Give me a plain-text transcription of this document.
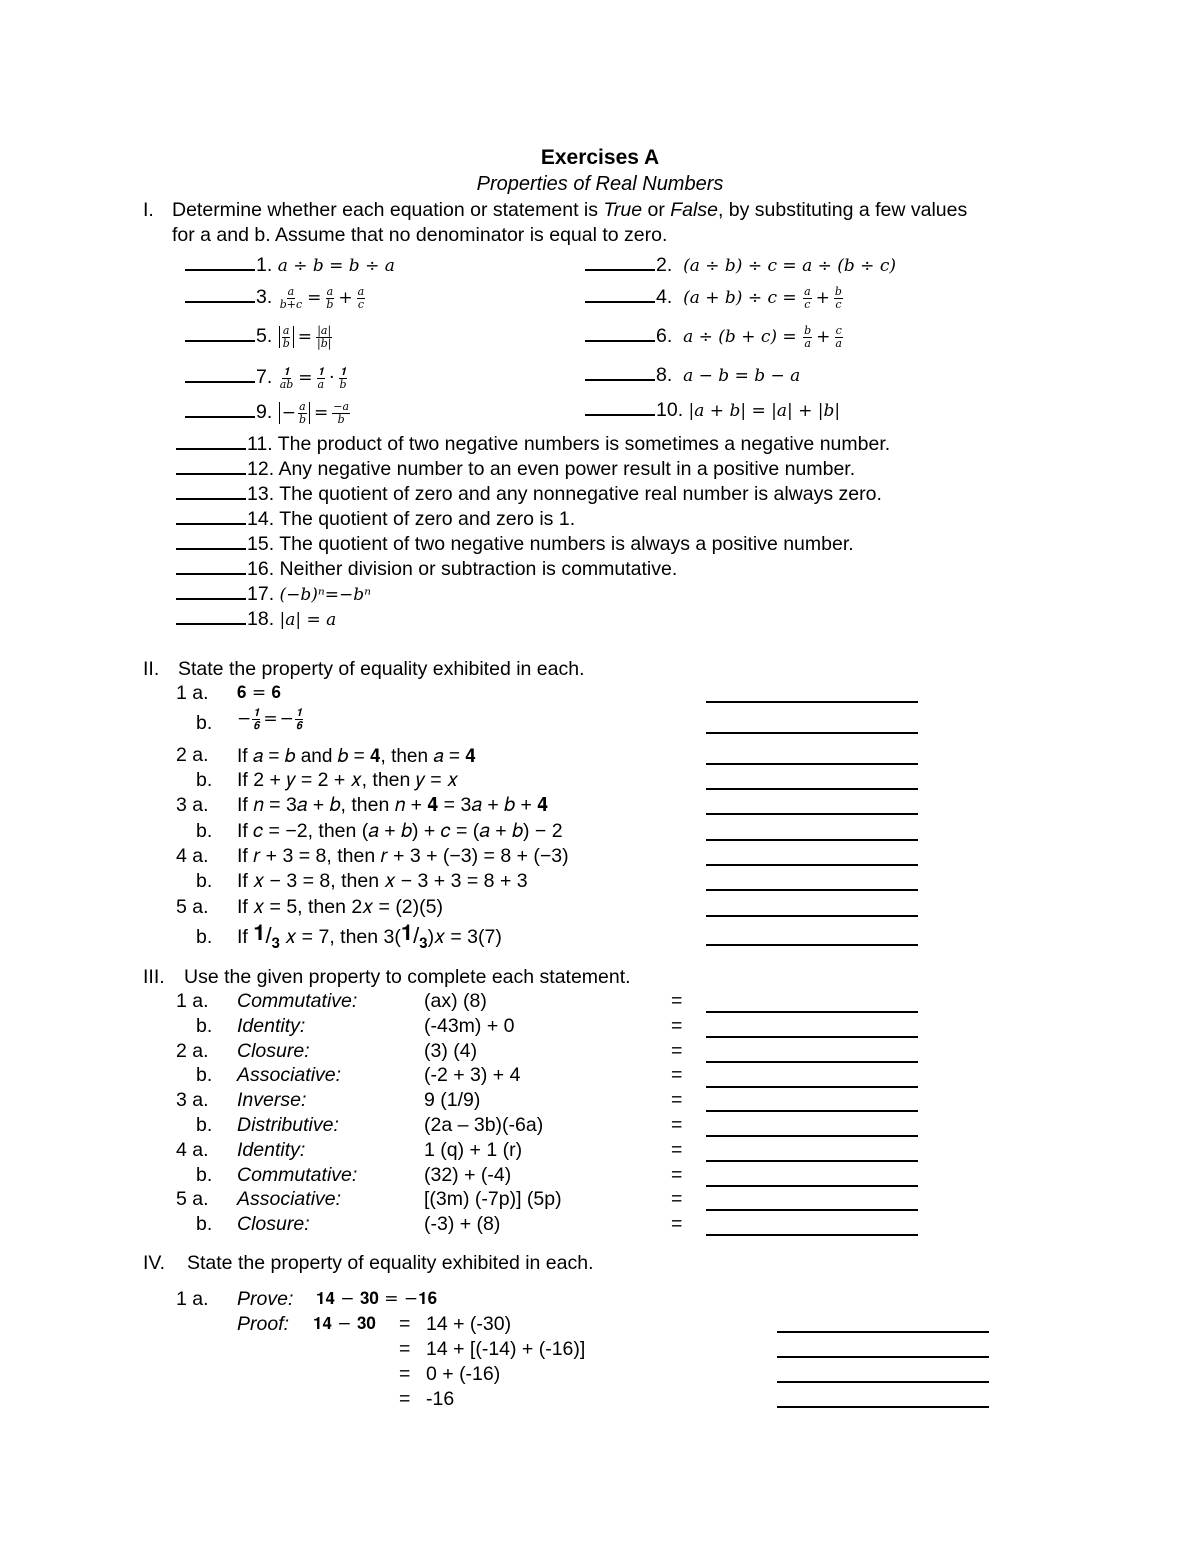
Exercises A
Properties of Real Numbers
I. Determine whether each equation or statement is True or False, by substituting a few values
for a and b. Assume that no denominator is equal to zero.
1. 𝑎 ÷ 𝑏 = 𝑏 ÷ 𝑎	2. (𝑎 ÷ 𝑏) ÷ 𝑐 = 𝑎 ÷ (𝑏 ÷ 𝑐)
3. $\frac{\text{𝑎}}{\text{𝑏+𝑐}} = \frac{\text{𝑎}}{\text{𝑏}} + \frac{\text{𝑎}}{\text{𝑐}}$	4. (𝑎 + 𝑏) ÷ 𝑐 = $\frac{\text{𝑎}}{\text{𝑐}} + \frac{\text{𝑏}}{\text{𝑐}}$
5. $\frac{\text{𝑎}}{\text{𝑏}} = \frac{\text{|𝑎|}}{\text{|𝑏|}}$	6. 𝑎 ÷ (𝑏 + 𝑐) = $\frac{\text{𝑏}}{\text{𝑎}} + \frac{\text{𝑐}}{\text{𝑎}}$
7. $\frac{𝟏}{\text{𝑎𝑏}} = \frac{𝟏}{\text{𝑎}} \cdot \frac{𝟏}{\text{𝑏}}$	8. 𝑎 − 𝑏 = 𝑏 − 𝑎
9. − $\frac{\text{𝑎}}{\text{𝑏}} = \frac{\text{−𝑎}}{\text{𝑏}}$	10. |𝑎 + 𝑏| = |𝑎| + |𝑏|
11. The product of two negative numbers is sometimes a negative number.
12. Any negative number to an even power result in a positive number.
13. The quotient of zero and any nonnegative real number is always zero.
14. The quotient of zero and zero is 1.
15. The quotient of two negative numbers is always a positive number.
16. Neither division or subtraction is commutative.
17. (−𝑏)ⁿ=−𝑏ⁿ
18. |𝑎| = 𝑎
II. State the property of equality exhibited in each.
1 a. 𝟔 = 𝟔
b. − $\frac{𝟏}{𝟔}$ = − $\frac{𝟏}{𝟔}$
2 a. If 𝑎 = 𝑏 and 𝑏 = 𝟒, then 𝑎 = 𝟒
b. If 2 + 𝑦 = 2 + 𝑥, then 𝑦 = 𝑥
3 a. If 𝑛 = 3𝑎 + 𝑏, then 𝑛 + 𝟒 = 3𝑎 + 𝑏 + 𝟒
b. If 𝑐 = −2, then (𝑎 + 𝑏) + 𝑐 = (𝑎 + 𝑏) − 2
4 a. If 𝑟 + 3 = 8, then 𝑟 + 3 + (−3) = 8 + (−3)
b. If 𝑥 − 3 = 8, then 𝑥 − 3 + 3 = 8 + 3
5 a. If 𝑥 = 5, then 2𝑥 = (2)(5)
b. If $𝟏/_𝟑$ 𝑥 = 7, then $3(𝟏/_𝟑)𝑥 = 3(7)$
III. Use the given property to complete each statement.
1 a. Commutative:	(ax) (8)	=
b. Identity:	(-43m) + 0	=
2 a. Closure:	(3) (4)	=
b. Associative:	(-2 + 3) + 4	=
3 a. Inverse:	9 (1/9)	=
b. Distributive:	(2a – 3b)(-6a)	=
4 a. Identity:	1 (q) + 1 (r)	=
b. Commutative:	(32) + (-4)	=
5 a. Associative:	[(3m) (-7p)] (5p)	=
b. Closure:	(-3) + (8)	=
IV. State the property of equality exhibited in each.
1 a. Prove: 𝟏𝟒 − 𝟑𝟎 = −𝟏𝟔
Proof: 𝟏𝟒 − 𝟑𝟎 = 14 + (-30)
= 14 + [(-14) + (-16)]
= 0 + (-16)
= -16
